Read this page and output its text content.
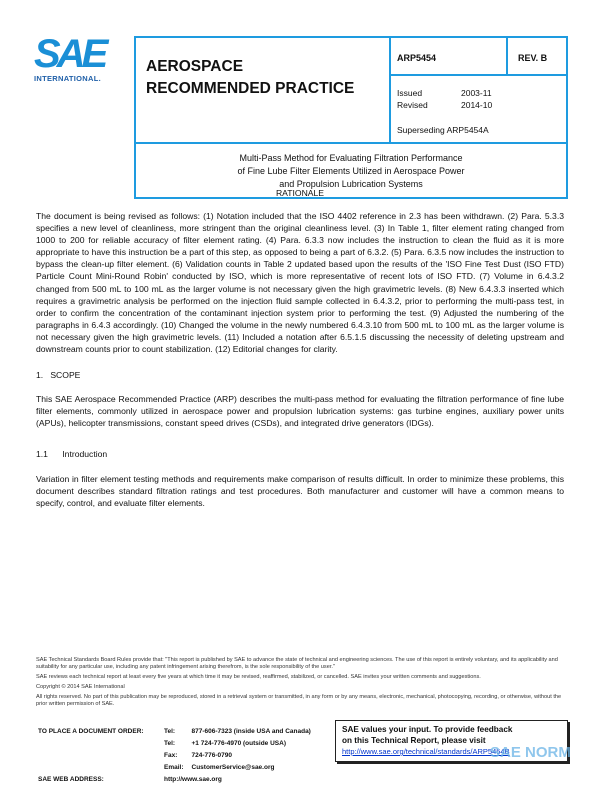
SAE
INTERNATIONAL.
AEROSPACE
RECOMMENDED PRACTICE
ARP5454	REV. B
Issued	2003-11
Revised	2014-10
Superseding ARP5454A
Multi-Pass Method for Evaluating Filtration Performance
of Fine Lube Filter Elements Utilized in Aerospace Power
and Propulsion Lubrication Systems
RATIONALE
The document is being revised as follows: (1) Notation included that the ISO 4402 reference in 2.3 has been withdrawn. (2) Para. 5.3.3 specifies a new level of cleanliness, more stringent than the original cleanliness level. (3) In Table 1, filter element rating changed from 1000 to 200 for reliable accuracy of filter element rating. (4) Para. 6.3.3 now includes the instruction to clean the fluid as it is more appropriate to have this instruction be a part of this step, as opposed to being a part of 6.3.2. (5) Para. 6.3.5 now includes the instruction to bypass the clean-up filter element. (6) Validation counts in Table 2 updated based upon the results of the 'ISO Fine Test Dust (ISO FTD) Particle Count Mini-Round Robin' conducted by ISO, which is more representative of recent lots of ISO FTD. (7) Volume in 6.4.3.2 changed from 500 mL to 100 mL as the larger volume is not necessary given the high gravimetric levels. (8) New 6.4.3.3 inserted which requires a gravimetric analysis be performed on the injection fluid sample collected in 6.4.3.2, prior to performing the multi-pass test, in order to confirm the concentration of the contaminant injection system prior to performing the test. (9) Adjusted the numbering of the paragraphs in 6.4.3 accordingly. (10) Changed the volume in the newly numbered 6.4.3.10 from 500 mL to 100 mL as the larger volume is not necessary given the high gravimetric levels. (11) Included a notation after 6.5.1.5 discussing the necessity of deleting upstream and downstream counts prior to count stabilization. (12) Editorial changes for clarity.
1.   SCOPE
This SAE Aerospace Recommended Practice (ARP) describes the multi-pass method for evaluating the filtration performance of fine lube filter elements, commonly utilized in aerospace power and propulsion lubrication systems: gas turbine engines, auxiliary power units (APUs), helicopter transmissions, constant speed drives (CSDs), and integrated drive generators (IDGs).
1.1      Introduction
Variation in filter element testing methods and requirements make comparison of results difficult. In order to minimize these problems, this document describes standard filtration ratings and test procedures. Both manufacturer and customer will have a common means to specify, control, and evaluate filter elements.

SAE Technical Standards Board Rules provide that: "This report is published by SAE to advance the state of technical and engineering sciences. The use of this report is entirely voluntary, and its applicability and suitability for any particular use, including any patent infringement arising therefrom, is the sole responsibility of the user."

SAE reviews each technical report at least every five years at which time it may be revised, reaffirmed, stabilized, or cancelled. SAE invites your written comments and suggestions.

Copyright © 2014 SAE International

All rights reserved. No part of this publication may be reproduced, stored in a retrieval system or transmitted, in any form or by any means, electronic, mechanical, photocopying, recording, or otherwise, without the prior written permission of SAE.

TO PLACE A DOCUMENT ORDER:	Tel:	877-606-7323 (inside USA and Canada)
	Tel:	+1 724-776-4970 (outside USA)
	Fax:	724-776-0790
	Email:	CustomerService@sae.org
SAE WEB ADDRESS:	http://www.sae.org	
SAE values your input. To provide feedback
on this Technical Report, please visit
http://www.sae.org/technical/standards/ARP5454B
SAE NORM
